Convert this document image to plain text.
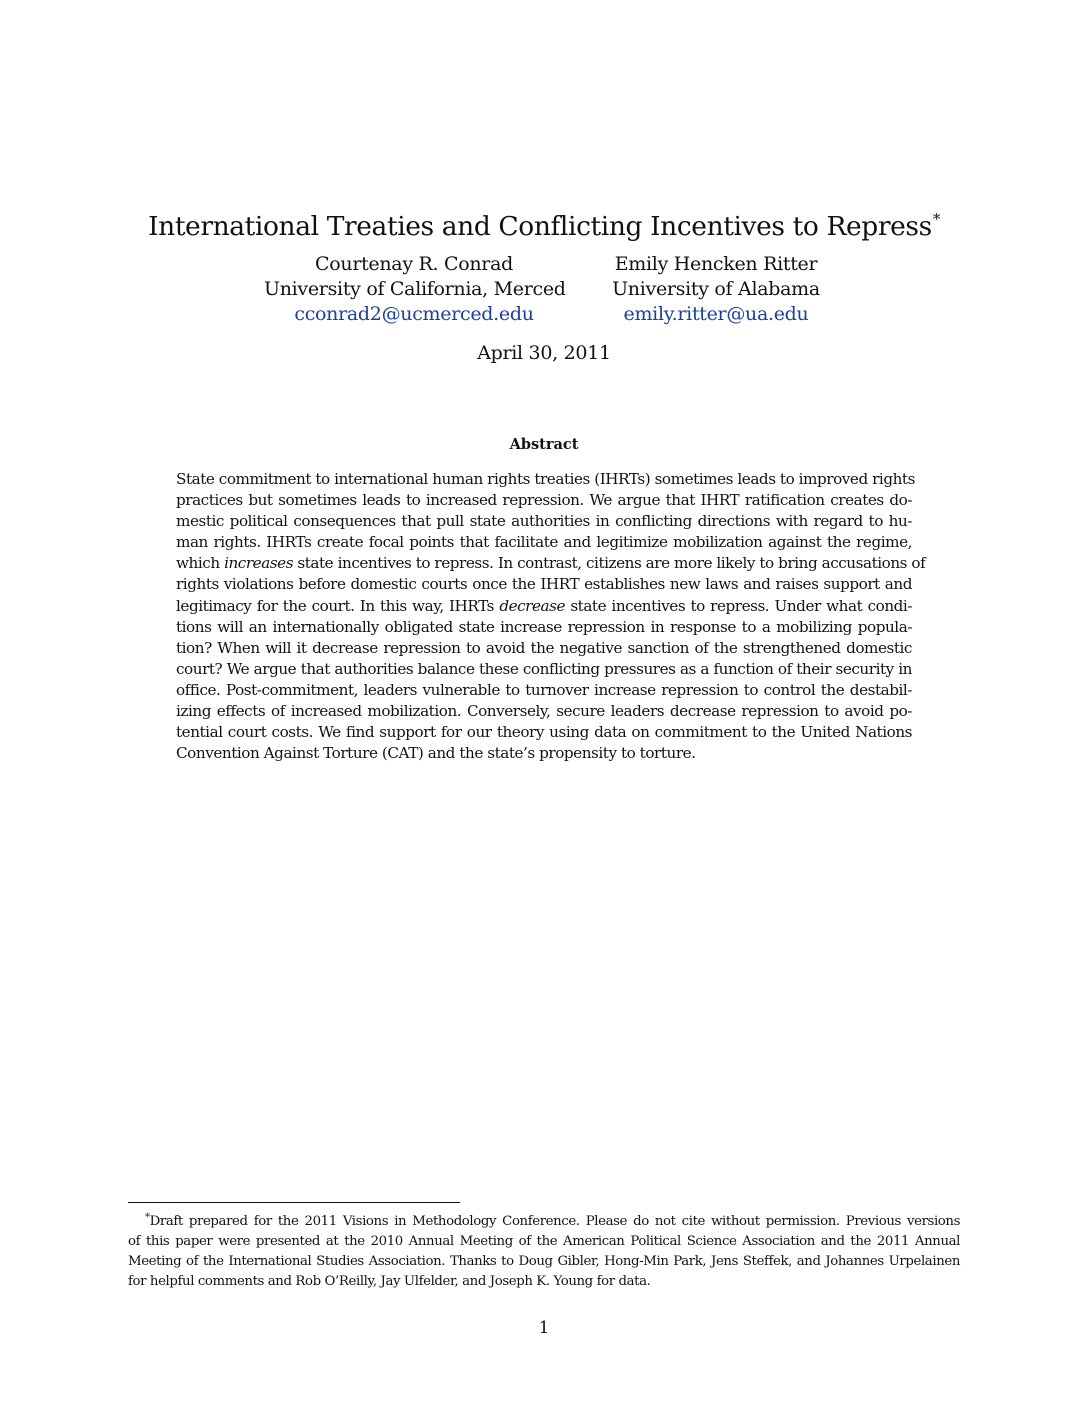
International Treaties and Conflicting Incentives to Repress*
Courtenay R. Conrad
University of California, Merced
cconrad2@ucmerced.edu
Emily Hencken Ritter
University of Alabama
emily.ritter@ua.edu
April 30, 2011
Abstract
State commitment to international human rights treaties (IHRTs) sometimes leads to improved rights
practices but sometimes leads to increased repression. We argue that IHRT ratification creates do-
mestic political consequences that pull state authorities in conflicting directions with regard to hu-
man rights. IHRTs create focal points that facilitate and legitimize mobilization against the regime,
which increases state incentives to repress. In contrast, citizens are more likely to bring accusations of
rights violations before domestic courts once the IHRT establishes new laws and raises support and
legitimacy for the court. In this way, IHRTs decrease state incentives to repress. Under what condi-
tions will an internationally obligated state increase repression in response to a mobilizing popula-
tion? When will it decrease repression to avoid the negative sanction of the strengthened domestic
court? We argue that authorities balance these conflicting pressures as a function of their security in
office. Post-commitment, leaders vulnerable to turnover increase repression to control the destabil-
izing effects of increased mobilization. Conversely, secure leaders decrease repression to avoid po-
tential court costs. We find support for our theory using data on commitment to the United Nations
Convention Against Torture (CAT) and the state’s propensity to torture.
*Draft prepared for the 2011 Visions in Methodology Conference. Please do not cite without permission. Previous versions
of this paper were presented at the 2010 Annual Meeting of the American Political Science Association and the 2011 Annual
Meeting of the International Studies Association. Thanks to Doug Gibler, Hong-Min Park, Jens Steffek, and Johannes Urpelainen
for helpful comments and Rob O’Reilly, Jay Ulfelder, and Joseph K. Young for data.
1
